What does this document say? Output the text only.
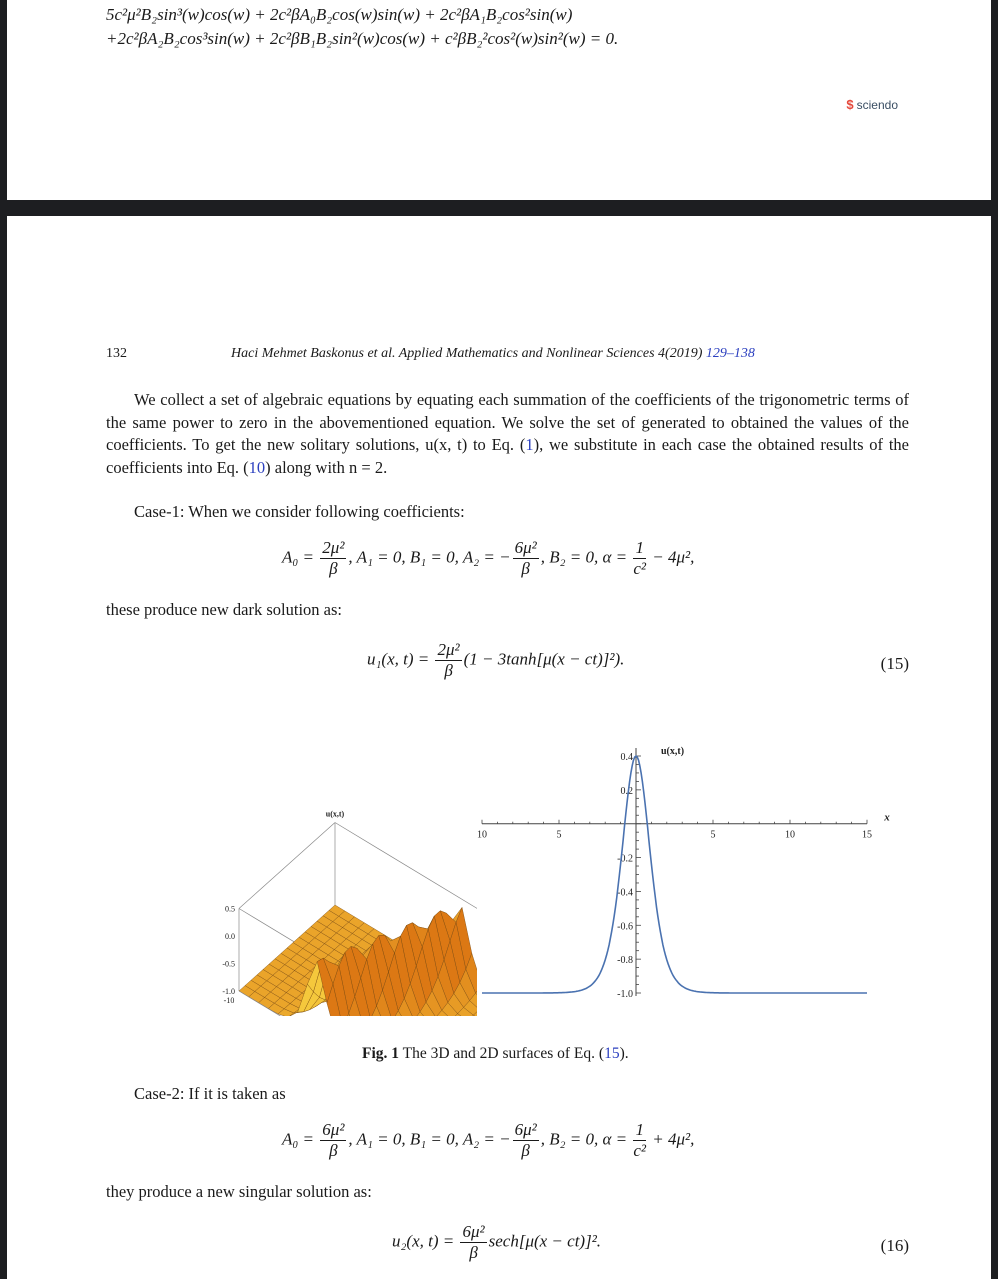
5c²μ²B₂sin³(w)cos(w) + 2c²βA₀B₂cos(w)sin(w) + 2c²βA₁B₂cos²sin(w)
+2c²βA₂B₂cos³sin(w) + 2c²βB₁B₂sin²(w)cos(w) + c²βB₂²cos²(w)sin²(w) = 0.
$ sciendo
132	Haci Mehmet Baskonus et al. Applied Mathematics and Nonlinear Sciences 4(2019) 129–138
We collect a set of algebraic equations by equating each summation of the coefficients of the trigonometric terms of the same power to zero in the abovementioned equation. We solve the set of generated to obtained the values of the coefficients. To get the new solitary solutions, u(x, t) to Eq. (1), we substitute in each case the obtained results of the coefficients into Eq. (10) along with n = 2.
Case-1: When we consider following coefficients:
$A_0 = \frac{\text{2μ²}}{\beta}$ , A₁ = 0, B₁ = 0, A₂ = − $\frac{\text{6μ²}}{\beta}$ , B₂ = 0, $\alpha = \frac{1}{\text{c²}} - 4\mu^2$,
these produce new dark solution as:
u₁(x, $t) = \frac{\text{2μ²}}{\beta} (1 - 3\tanh[\mu(x - ct)]^2)$.	(15)
-10
-1.0
-0.5
0.0
0.5
u(x,t)
10	5	5	10	15
0.4
0.2
-0.2
-0.4
-0.6
-0.8
-1.0
u(x,t)
x
Fig. 1 The 3D and 2D surfaces of Eq. (15).
Case-2: If it is taken as
$A_0 = \frac{\text{6μ²}}{\beta}$ , A₁ = 0, B₁ = 0, A₂ = − $\frac{\text{6μ²}}{\beta}$ , B₂ = 0, $\alpha = \frac{1}{\text{c²}} + 4\mu^2$,
they produce a new singular solution as:
u₂(x, $t) = \frac{\text{6μ²}}{\beta} \sec h[\mu(x - ct)]^2$.	(16)
